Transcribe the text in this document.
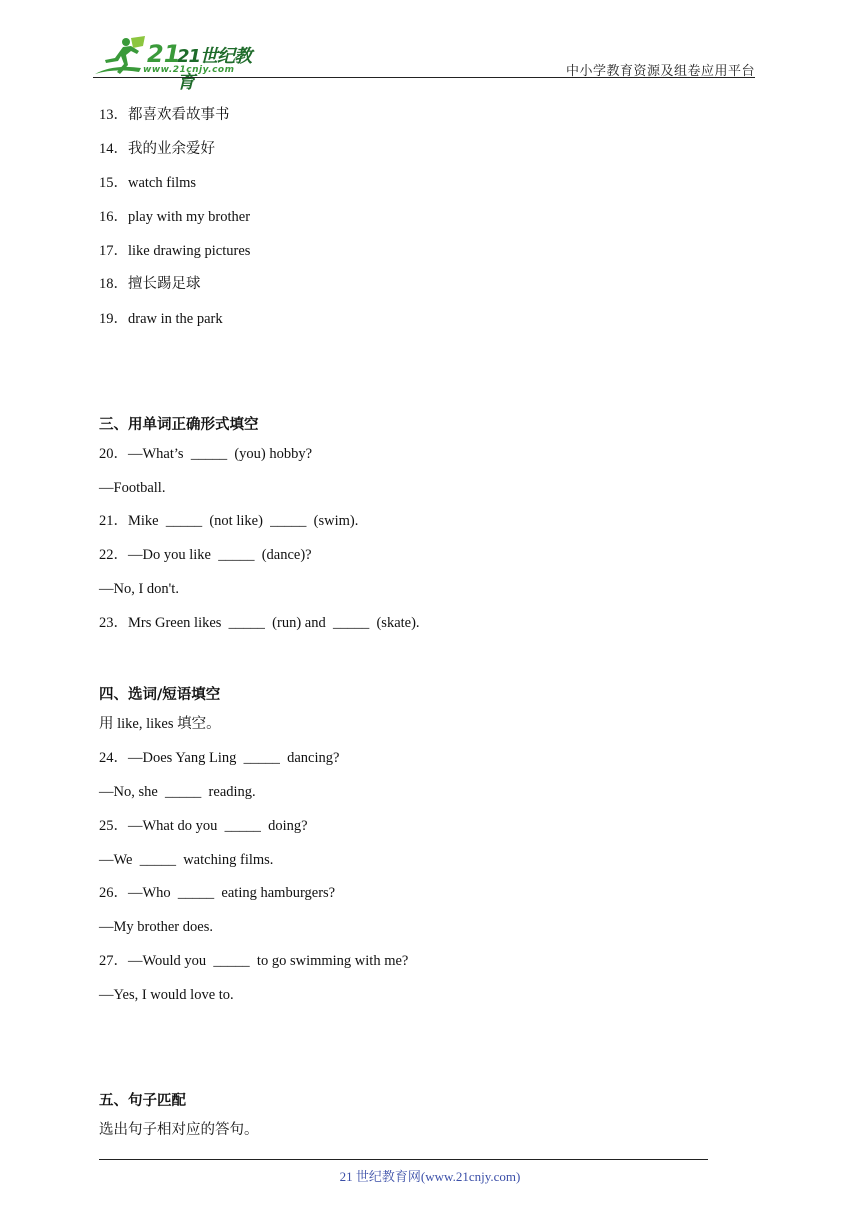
21
21世纪教育
www.21cnjy.com	中小学教育资源及组卷应用平台
13．都喜欢看故事书
14．我的业余爱好
15．watch films
16．play with my brother
17．like drawing pictures
18．擅长踢足球
19．draw in the park
三、用单词正确形式填空
20．—What’s  _____  (you) hobby?
—Football.
21．Mike  _____  (not like)  _____  (swim).
22．—Do you like  _____  (dance)?
—No, I don't.
23．Mrs Green likes  _____  (run) and  _____  (skate).
四、选词/短语填空
用 like, likes 填空。
24．—Does Yang Ling  _____  dancing?
—No, she  _____  reading.
25．—What do you  _____  doing?
—We  _____  watching films.
26．—Who  _____  eating hamburgers?
—My brother does.
27．—Would you  _____  to go swimming with me?
—Yes, I would love to.
五、句子匹配
选出句子相对应的答句。
21 世纪教育网(www.21cnjy.com)
